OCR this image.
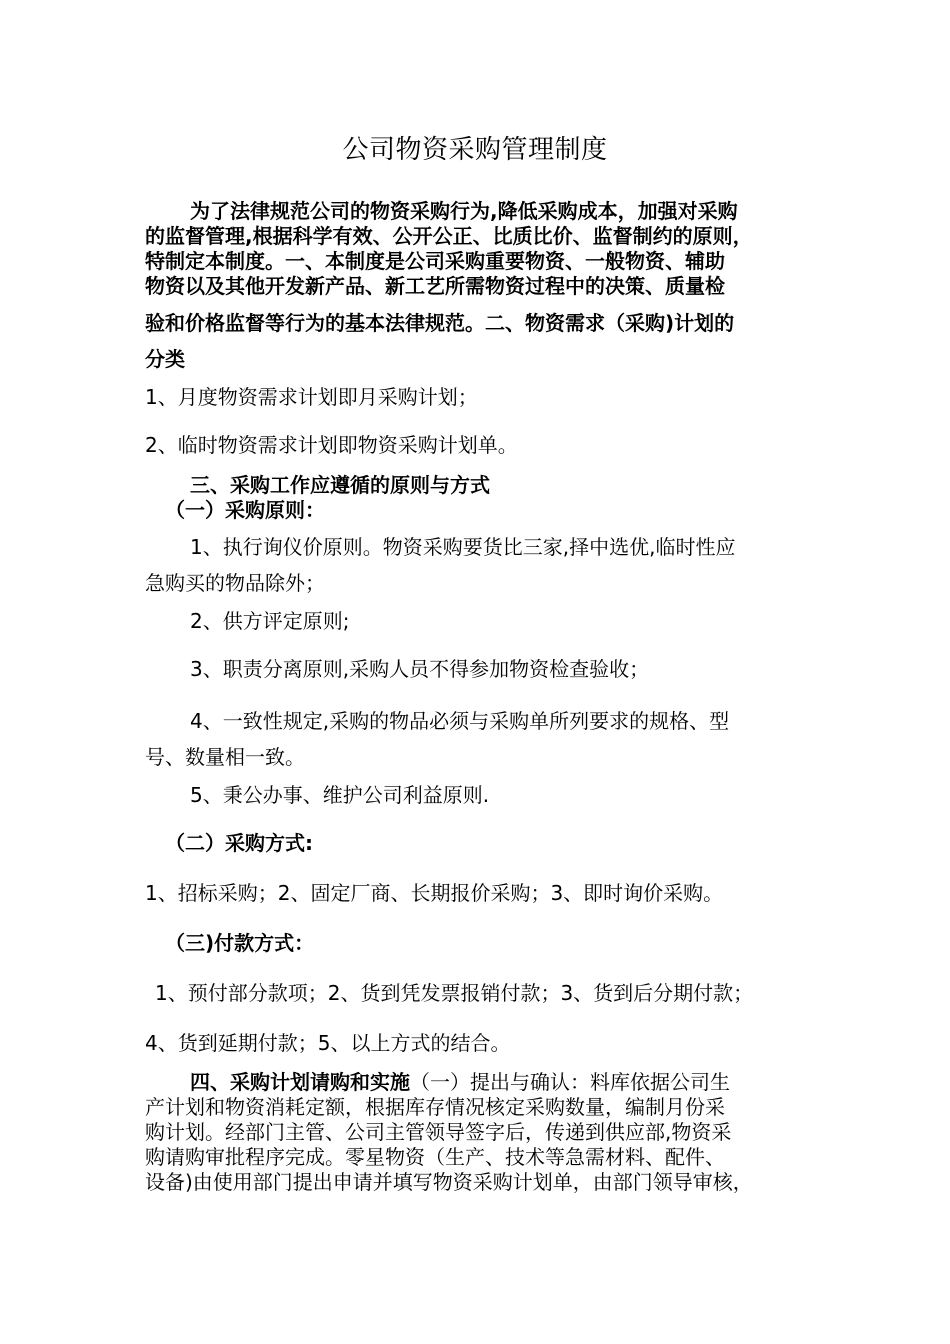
公司物资采购管理制度
为了法律规范公司的物资采购行为,降低采购成本，加强对采购
的监督管理,根据科学有效、公开公正、比质比价、监督制约的原则，
特制定本制度。一、本制度是公司采购重要物资、一般物资、辅助
物资以及其他开发新产品、新工艺所需物资过程中的决策、质量检
验和价格监督等行为的基本法律规范。二、物资需求（采购)计划的
分类
1、月度物资需求计划即月采购计划；
2、临时物资需求计划即物资采购计划单。
三、采购工作应遵循的原则与方式
（一）采购原则：
1、执行询仪价原则。物资采购要货比三家,择中选优,临时性应
急购买的物品除外；
2、供方评定原则;
3、职责分离原则,采购人员不得参加物资检查验收；
4、一致性规定,采购的物品必须与采购单所列要求的规格、型
号、数量相一致。
5、秉公办事、维护公司利益原则.
（二）采购方式:
1、招标采购；2、固定厂商、长期报价采购；3、即时询价采购。
（三)付款方式：
1、预付部分款项；2、货到凭发票报销付款；3、货到后分期付款；
4、货到延期付款；5、以上方式的结合。
四、采购计划请购和实施（一）提出与确认：料库依据公司生
产计划和物资消耗定额，根据库存情况核定采购数量，编制月份采
购计划。经部门主管、公司主管领导签字后，传递到供应部,物资采
购请购审批程序完成。零星物资（生产、技术等急需材料、配件、
设备)由使用部门提出申请并填写物资采购计划单，由部门领导审核，
